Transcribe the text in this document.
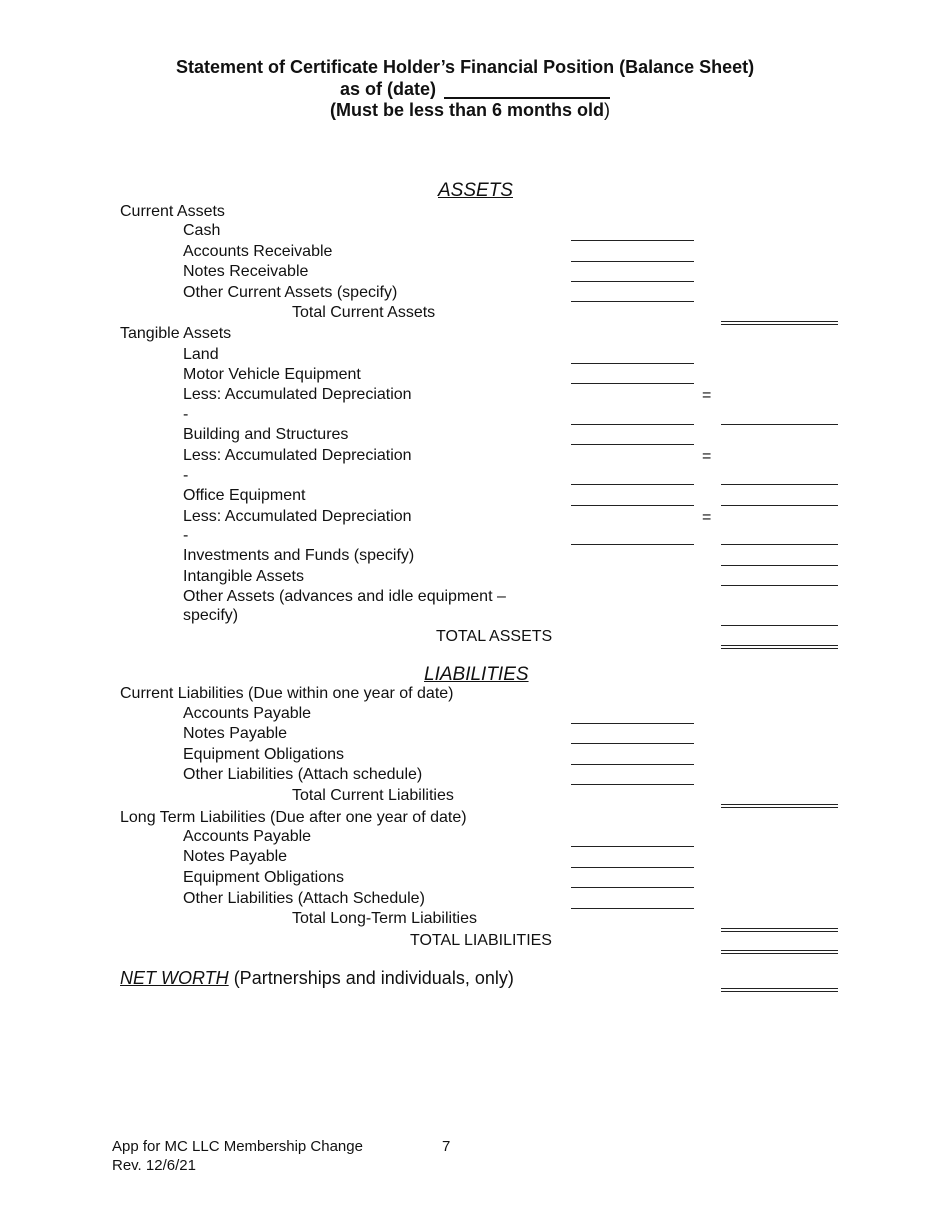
Statement of Certificate Holder’s Financial Position (Balance Sheet)
as of (date)
(Must be less than 6 months old)
ASSETS
Current Assets
Cash
Accounts Receivable
Notes Receivable
Other Current Assets (specify)
Total Current Assets
Tangible Assets
Land
Motor Vehicle Equipment
Less: Accumulated Depreciation	=
-
Building and Structures
Less: Accumulated Depreciation	=
-
Office Equipment
Less: Accumulated Depreciation	=
-
Investments and Funds (specify)
Intangible Assets
Other Assets (advances and idle equipment –
specify)
TOTAL ASSETS
LIABILITIES
Current Liabilities (Due within one year of date)
Accounts Payable
Notes Payable
Equipment Obligations
Other Liabilities (Attach schedule)
Total Current Liabilities
Long Term Liabilities (Due after one year of date)
Accounts Payable
Notes Payable
Equipment Obligations
Other Liabilities (Attach Schedule)
Total Long-Term Liabilities
TOTAL LIABILITIES
NET WORTH (Partnerships and individuals, only)
App for MC LLC Membership Change	7
Rev. 12/6/21
